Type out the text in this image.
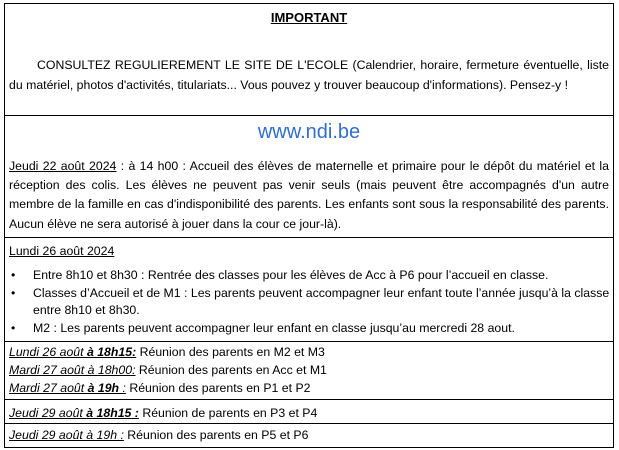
IMPORTANT
CONSULTEZ REGULIEREMENT LE SITE DE L'ECOLE (Calendrier, horaire, fermeture éventuelle, liste du matériel, photos d'activités, titulariats... Vous pouvez y trouver beaucoup d'informations). Pensez-y !
www.ndi.be
Jeudi 22 août 2024 : à 14 h00 : Accueil des élèves de maternelle et primaire pour le dépôt du matériel et la réception des colis. Les élèves ne peuvent pas venir seuls (mais peuvent être accompagnés d'un autre membre de la famille en cas d'indisponibilité des parents. Les enfants sont sous la responsabilité des parents. Aucun élève ne sera autorisé à jouer dans la cour ce jour-là).
Lundi 26 août 2024
• Entre 8h10 et 8h30 : Rentrée des classes pour les élèves de Acc à P6 pour l’accueil en classe.
• Classes d’Accueil et de M1 : Les parents peuvent accompagner leur enfant toute l’année jusqu’à la classe entre 8h10 et 8h30.
• M2 : Les parents peuvent accompagner leur enfant en classe jusqu’au mercredi 28 aout.
Lundi 26 août à 18h15: Réunion des parents en M2 et M3
Mardi 27 août à 18h00: Réunion des parents en Acc et M1
Mardi 27 août à 19h : Réunion des parents en P1 et P2
Jeudi 29 août à 18h15 : Réunion de parents en P3 et P4
Jeudi 29 août à 19h : Réunion des parents en P5 et P6
